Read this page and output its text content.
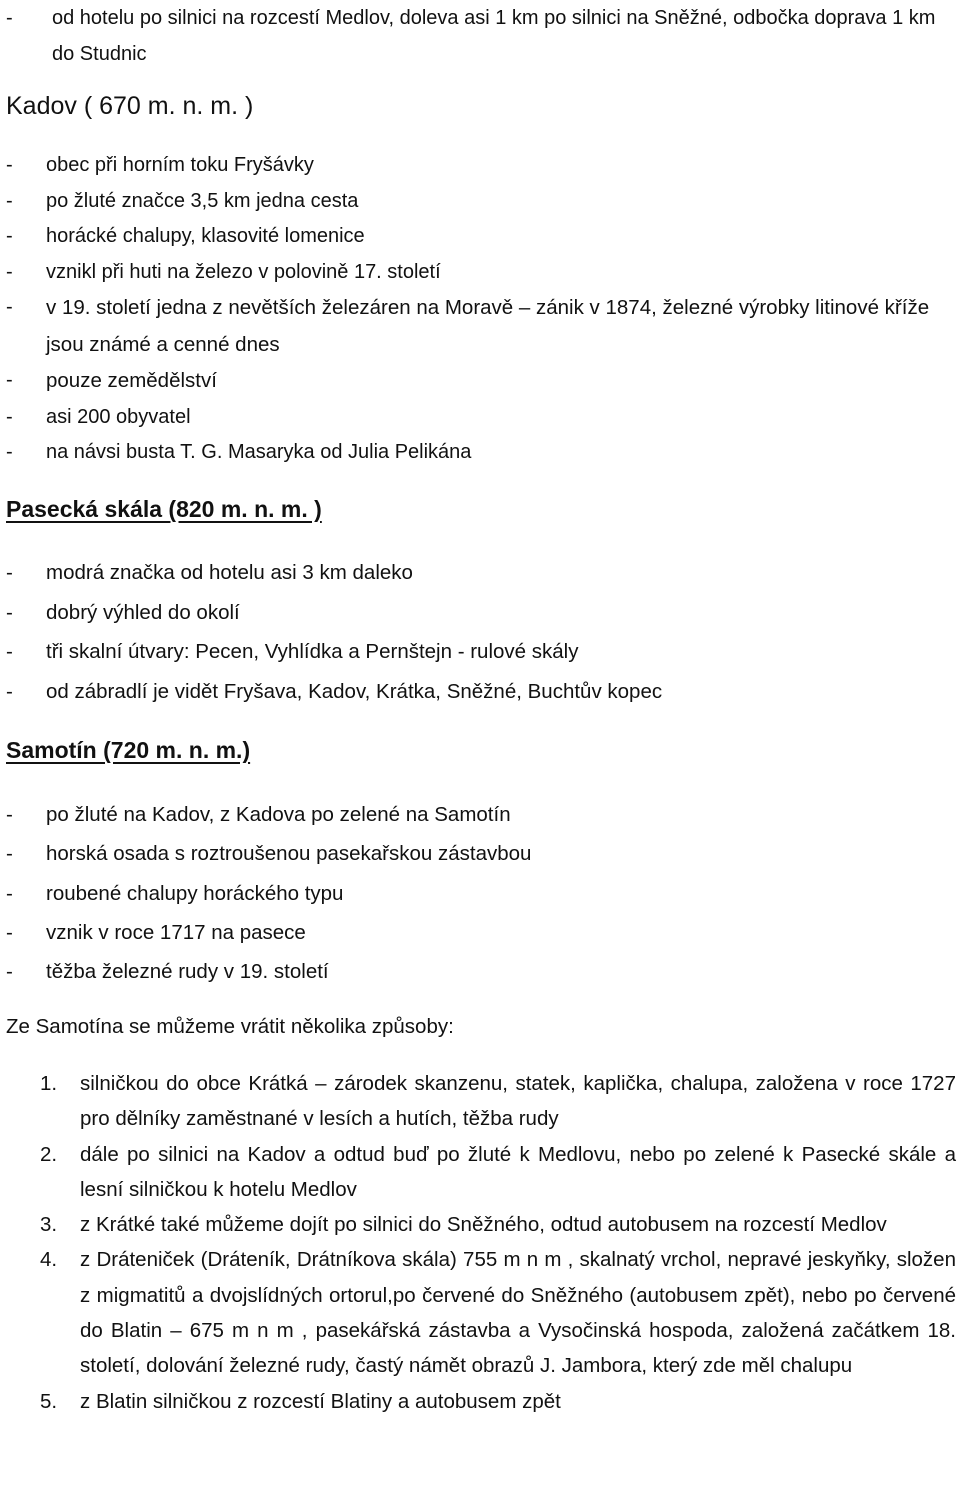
- od hotelu po silnici na rozcestí Medlov, doleva asi 1 km po silnici na Sněžné, odbočka doprava 1 km do Studnic
Kadov ( 670 m. n. m. )
- obec při horním toku Fryšávky
- po žluté značce 3,5 km jedna cesta
- horácké chalupy, klasovité lomenice
- vznikl při huti na železo v polovině 17. století
- v 19. století jedna z nevětších železáren na Moravě – zánik v 1874, železné výrobky litinové kříže jsou známé a cenné dnes
- pouze zemědělství
- asi 200 obyvatel
- na návsi busta T. G. Masaryka od Julia Pelikána
Pasecká skála (820 m. n. m. )
- modrá značka od hotelu asi 3 km daleko
- dobrý výhled do okolí
- tři skalní útvary: Pecen, Vyhlídka a Pernštejn - rulové skály
- od zábradlí je vidět Fryšava, Kadov, Krátka, Sněžné, Buchtův kopec
Samotín (720 m. n. m.)
- po žluté na Kadov, z Kadova po zelené na Samotín
- horská osada s roztroušenou pasekařskou zástavbou
- roubené chalupy horáckého typu
- vznik v roce 1717 na pasece
- těžba železné rudy v 19. století

Ze Samotína se můžeme vrátit několika způsoby:

1. silničkou do obce Krátká – zárodek skanzenu, statek, kaplička, chalupa, založena v roce 1727 pro dělníky zaměstnané v lesích a hutích, těžba rudy
2. dále po silnici na Kadov a odtud buď po žluté k Medlovu, nebo po zelené k Pasecké skále a lesní silničkou k hotelu Medlov
3. z Krátké také můžeme dojít po silnici do Sněžného, odtud autobusem na rozcestí Medlov
4. z Dráteniček (Dráteník, Drátníkova skála) 755 m n m , skalnatý vrchol, nepravé jeskyňky, složen z migmatitů a dvojslídných ortorul,po červené do Sněžného (autobusem zpět), nebo po červené do Blatin – 675 m n m , pasekářská zástavba a Vysočinská hospoda, založená začátkem 18. století, dolování železné rudy, častý námět obrazů J. Jambora, který zde měl chalupu
5. z Blatin silničkou z rozcestí Blatiny a autobusem zpět
